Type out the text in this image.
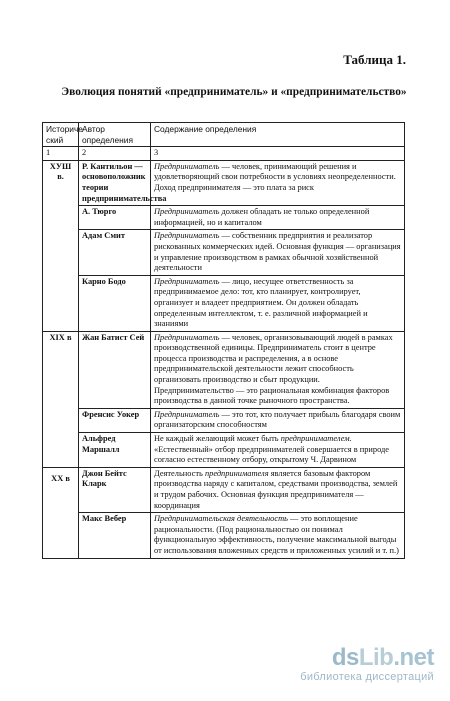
Таблица 1.
Эволюция понятий «предприниматель» и «предпринимательство»
Историче ский	Автор определения	Содержание определения
1	2	3
ХУШ в.	Р. Кантильон — основоположник теории предпринимательства	Предприниматель — человек, принимающий решения и удовлетворяющий свои потребности в условиях неопределенности. Доход предпринимателя — это плата за риск
	А. Тюрго	Предприниматель должен обладать не только определенной информацией, но и капиталом
	Адам Смит	Предприниматель — собственник предприятия и реализатор рискованных коммерческих идей. Основная функция — организация и управление производством в рамках обычной хозяйственной деятельности
	Карно Бодо	Предприниматель — лицо, несущее ответственность за предпринимаемое дело: тот, кто планирует, контролирует, организует и владеет предприятием. Он должен обладать определенным интеллектом, т. е. различной информацией и знаниями
XIX в	Жан Батист Сей	Предприниматель — человек, организовывающий людей в рамках производственной единицы. Предприниматель стоит в центре процесса производства и распределения, а в основе предпринимательской деятельности лежит способность организовать производство и сбыт продукции. Предпринимательство — это рациональная комбинация факторов производства в данной точке рыночного пространства.
	Френсис Уокер	Предприниматель — это тот, кто получает прибыль благодаря своим организаторским способностям
	Альфред Маршалл	Не каждый желающий может быть предпринимателем. «Естественный» отбор предпринимателей совершается в природе согласно естественному отбору, открытому Ч. Дарвином
XX в	Джон Бейтс Кларк	Деятельность предпринимателя является базовым фактором производства наряду с капиталом, средствами производства, землей и трудом рабочих. Основная функция предпринимателя — координация
	Макс Вебер	Предпринимательская деятельность — это воплощение рациональности. (Под рациональностью он понимал функциональную эффективность, получение максимальной выгоды от использования вложенных средств и приложенных усилий и т. п.)
dsLib.net
библиотека диссертаций
